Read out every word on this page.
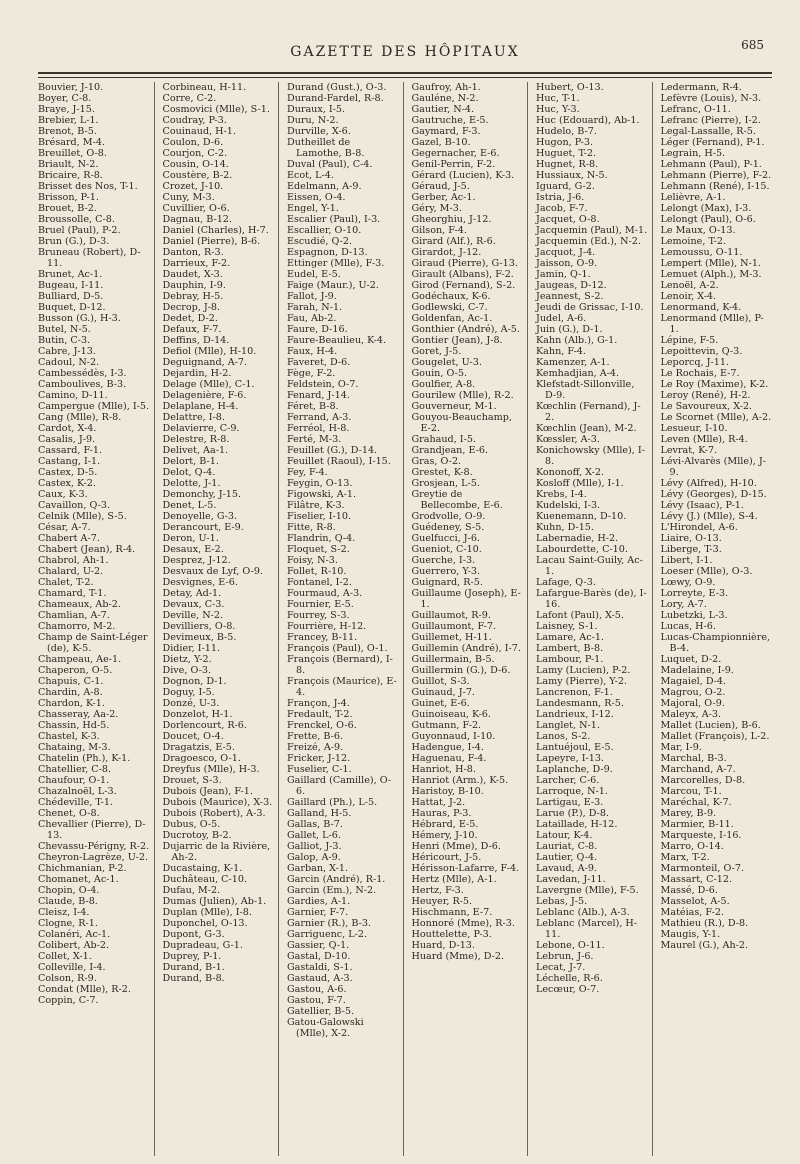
GAZETTE DES HÔPITAUX	685
Bouvier, J-10.
Boyer, C-8.
Braye, J-15.
Brebier, L-1.
Brenot, B-5.
Brésard, M-4.
Breuillet, O-8.
Briault, N-2.
Bricaire, R-8.
Brisset des Nos, T-1.
Brisson, P-1.
Brouet, B-2.
Broussolle, C-8.
Bruel (Paul), P-2.
Brun (G.), D-3.
Bruneau (Robert), D-11.
Brunet, Ac-1.
Bugeau, I-11.
Bulliard, D-5.
Buquet, D-12.
Busson (G.), H-3.
Butel, N-5.
Butin, C-3.
Cabre, J-13.
Cadoul, N-2.
Cambessédès, I-3.
Camboulives, B-3.
Camino, D-11.
Campergue (Mlle), I-5.
Cang (Mlle), R-8.
Cardot, X-4.
Casalis, J-9.
Cassard, F-1.
Castang, I-1.
Castex, D-5.
Castex, K-2.
Caux, K-3.
Cavaillon, Q-3.
Celnik (Mlle), S-5.
César, A-7.
Chabert A-7.
Chabert (Jean), R-4.
Chabrol, Ah-1.
Chalard, U-2.
Chalet, T-2.
Chamard, T-1.
Chameaux, Ab-2.
Chamlian, A-7.
Chamorro, M-2.
Champ de Saint-Léger (de), K-5.
Champeau, Ae-1.
Chaperon, O-5.
Chapuis, C-1.
Chardin, A-8.
Chardon, K-1.
Chasseray, Aa-2.
Chassin, Hd-5.
Chastel, K-3.
Chataing, M-3.
Chatelin (Ph.), K-1.
Chatellier, C-8.
Chaufour, O-1.
Chazalnoël, L-3.
Chédeville, T-1.
Chenet, O-8.
Chevallier (Pierre), D-13.
Chevassu-Périgny, R-2.
Cheyron-Lagrèze, U-2.
Chichmanian, P-2.
Chomanet, Ac-1.
Chopin, O-4.
Claude, B-8.
Cleisz, I-4.
Clogne, R-1.
Colanéri, Ac-1.
Colibert, Ab-2.
Collet, X-1.
Colleville, I-4.
Colson, R-9.
Condat (Mlle), R-2.
Coppin, C-7.
Corbineau, H-11.
Corre, C-2.
Cosmovici (Mlle), S-1.
Coudray, P-3.
Couinaud, H-1.
Coulon, D-6.
Courjon, C-2.
Cousin, O-14.
Coustère, B-2.
Crozet, J-10.
Cuny, M-3.
Cuvillier, O-6.
Dagnau, B-12.
Daniel (Charles), H-7.
Daniel (Pierre), B-6.
Danton, R-3.
Darrieux, F-2.
Daudet, X-3.
Dauphin, I-9.
Debray, H-5.
Decrop, J-8.
Dedet, D-2.
Defaux, F-7.
Deffins, D-14.
Defiol (Mlle), H-10.
Deguignand, A-7.
Dejardin, H-2.
Delage (Mlle), C-1.
Delagenière, F-6.
Delaplane, H-4.
Delattre, I-8.
Delavierre, C-9.
Delestre, R-8.
Delivet, Aa-1.
Delort, B-1.
Delot, Q-4.
Delotte, J-1.
Demonchy, J-15.
Denet, L-5.
Denoyelle, G-3.
Derancourt, E-9.
Deron, U-1.
Desaux, E-2.
Desprez, J-12.
Desvaux de Lyf, O-9.
Desvignes, E-6.
Detay, Ad-1.
Devaux, C-3.
Deville, N-2.
Devilliers, O-8.
Devimeux, B-5.
Didier, I-11.
Dietz, Y-2.
Dive, O-3.
Dognon, D-1.
Doguy, I-5.
Donzé, U-3.
Donzelot, H-1.
Dorlencourt, R-6.
Doucet, O-4.
Dragatzis, E-5.
Dragoesco, O-1.
Dreyfus (Mlle), H-3.
Drouet, S-3.
Dubois (Jean), F-1.
Dubois (Maurice), X-3.
Dubois (Robert), A-3.
Dubus, O-5.
Ducrotoy, B-2.
Dujarric de la Rivière, Ah-2.
Ducastaing, K-1.
Duchâteau, C-10.
Dufau, M-2.
Dumas (Julien), Ab-1.
Duplan (Mlle), I-8.
Duponchel, O-13.
Dupont, G-3.
Dupradeau, G-1.
Duprey, P-1.
Durand, B-1.
Durand, B-8.
Durand (Gust.), O-3.
Durand-Fardel, R-8.
Duraux, I-5.
Duru, N-2.
Durville, X-6.
Dutheillet de Lamothe, B-8.
Duval (Paul), C-4.
Ecot, L-4.
Edelmann, A-9.
Eissen, O-4.
Engel, Y-1.
Escalier (Paul), I-3.
Escallier, O-10.
Escudié, Q-2.
Espagnon, D-13.
Ettinger (Mlle), F-3.
Eudel, E-5.
Faige (Maur.), U-2.
Fallot, J-9.
Farah, N-1.
Fau, Ab-2.
Faure, D-16.
Faure-Beaulieu, K-4.
Faux, H-4.
Faveret, D-6.
Fège, F-2.
Feldstein, O-7.
Fenard, J-14.
Féret, B-8.
Ferrand, A-3.
Ferréol, H-8.
Ferté, M-3.
Feuillet (G.), D-14.
Feuillet (Raoul), I-15.
Fey, F-4.
Feygin, O-13.
Figowski, A-1.
Filâtre, K-3.
Fiselier, I-10.
Fitte, R-8.
Flandrin, Q-4.
Floquet, S-2.
Foisy, N-3.
Follet, R-10.
Fontanel, I-2.
Fourmaud, A-3.
Fournier, E-5.
Fourrey, S-3.
Fourrière, H-12.
Francey, B-11.
François (Paul), O-1.
François (Bernard), I-8.
François (Maurice), E-4.
Françon, J-4.
Fredault, T-2.
Frenckel, O-6.
Frette, B-6.
Freizé, A-9.
Fricker, J-12.
Fuselier, C-1.
Gaillard (Camille), O-6.
Gaillard (Ph.), L-5.
Galland, H-5.
Gallas, B-7.
Gallet, L-6.
Galliot, J-3.
Galop, A-9.
Garban, X-1.
Garcin (André), R-1.
Garcin (Em.), N-2.
Gardies, A-1.
Garnier, F-7.
Garnier (R.), B-3.
Garriguenc, L-2.
Gassier, Q-1.
Gastal, D-10.
Gastaldi, S-1.
Gastaud, A-3.
Gastou, A-6.
Gastou, F-7.
Gatellier, B-5.
Gatou-Galowski (Mlle), X-2.
Gaufroy, Ah-1.
Gauléne, N-2.
Gautier, N-4.
Gautruche, E-5.
Gaymard, F-3.
Gazel, B-10.
Gegernacher, E-6.
Genil-Perrin, F-2.
Gérard (Lucien), K-3.
Géraud, J-5.
Gerber, Ac-1.
Géry, M-3.
Gheorghiu, J-12.
Gilson, F-4.
Girard (Alf.), R-6.
Girardot, J-12.
Giraud (Pierre), G-13.
Girault (Albans), F-2.
Girod (Fernand), S-2.
Godéchaux, K-6.
Godlewski, C-7.
Goldenfan, Ac-1.
Gonthier (André), A-5.
Gontier (Jean), J-8.
Goret, J-5.
Gougelet, U-3.
Gouin, O-5.
Goulfier, A-8.
Gourilew (Mlle), R-2.
Gouverneur, M-1.
Gouyou-Beauchamp, E-2.
Grahaud, I-5.
Grandjean, E-6.
Gras, O-2.
Grestet, K-8.
Grosjean, L-5.
Greytie de Bellecombe, E-6.
Grodvolle, O-9.
Guédeney, S-5.
Guelfucci, J-6.
Gueniot, C-10.
Guerche, I-3.
Guerrero, Y-3.
Guignard, R-5.
Guillaume (Joseph), E-1.
Guillaumot, R-9.
Guillaumont, F-7.
Guillemet, H-11.
Guillemin (André), I-7.
Guillermain, B-5.
Guillermin (G.), D-6.
Guillot, S-3.
Guinaud, J-7.
Guinet, E-6.
Guinoiseau, K-6.
Gutmann, F-2.
Guyonnaud, I-10.
Hadengue, I-4.
Haguenau, F-4.
Hanriot, H-8.
Hanriot (Arm.), K-5.
Haristoy, B-10.
Hattat, J-2.
Hauras, P-3.
Hébrard, E-5.
Hémery, J-10.
Henri (Mme), D-6.
Héricourt, J-5.
Hérisson-Lafarre, F-4.
Hertz (Mlle), A-1.
Hertz, F-3.
Heuyer, R-5.
Hischmann, E-7.
Honnoré (Mme), R-3.
Houttelette, P-3.
Huard, D-13.
Huard (Mme), D-2.
Hubert, O-13.
Huc, T-1.
Huc, Y-3.
Huc (Edouard), Ab-1.
Hudelo, B-7.
Hugon, P-3.
Huguet, T-2.
Hugnet, R-8.
Hussiaux, N-5.
Iguard, G-2.
Istria, J-6.
Jacob, F-7.
Jacquet, O-8.
Jacquemin (Paul), M-1.
Jacquemin (Ed.), N-2.
Jacquot, J-4.
Jaisson, O-9.
Jamin, Q-1.
Jaugeas, D-12.
Jeannest, S-2.
Jeudi de Grissac, I-10.
Judel, A-6.
Juin (G.), D-1.
Kahn (Alb.), G-1.
Kahn, F-4.
Kamenzer, A-1.
Kemhadjian, A-4.
Klefstadt-Sillonville, D-9.
Kœchlin (Fernand), J-2.
Kœchlin (Jean), M-2.
Kœssler, A-3.
Konichowsky (Mlle), I-8.
Kononoff, X-2.
Kosloff (Mlle), I-1.
Krebs, I-4.
Kudelski, I-3.
Kuenemann, D-10.
Kuhn, D-15.
Labernadie, H-2.
Labourdette, C-10.
Lacau Saint-Guily, Ac-1.
Lafage, Q-3.
Lafargue-Barès (de), I-16.
Lafont (Paul), X-5.
Laisney, S-1.
Lamare, Ac-1.
Lambert, B-8.
Lambour, P-1.
Lamy (Lucien), P-2.
Lamy (Pierre), Y-2.
Lancrenon, F-1.
Landesmann, R-5.
Landrieux, I-12.
Langlet, N-1.
Lanos, S-2.
Lantuéjoul, E-5.
Lapeyre, I-13.
Laplanche, D-9.
Larcher, C-6.
Larroque, N-1.
Lartigau, E-3.
Larue (P.), D-8.
Lataillade, H-12.
Latour, K-4.
Lauriat, C-8.
Lautier, Q-4.
Lavaud, A-9.
Lavedan, J-11.
Lavergne (Mlle), F-5.
Lebas, J-5.
Leblanc (Alb.), A-3.
Leblanc (Marcel), H-11.
Lebone, O-11.
Lebrun, J-6.
Lecat, J-7.
Léchelle, R-6.
Lecœur, O-7.
Ledermann, R-4.
Lefèvre (Louis), N-3.
Lefranc, O-11.
Lefranc (Pierre), I-2.
Legal-Lassalle, R-5.
Léger (Fernand), P-1.
Legrain, H-5.
Lehmann (Paul), P-1.
Lehmann (Pierre), F-2.
Lehmann (René), I-15.
Lelièvre, A-1.
Lelongt (Max), I-3.
Lelongt (Paul), O-6.
Le Maux, O-13.
Lemoine, T-2.
Lemoussu, O-11.
Lempert (Mlle), N-1.
Lemuet (Alph.), M-3.
Lenoël, A-2.
Lenoir, X-4.
Lenormand, K-4.
Lenormand (Mlle), P-1.
Lépine, F-5.
Lepoittevin, Q-3.
Leporcq, J-11.
Le Rochais, E-7.
Le Roy (Maxime), K-2.
Leroy (René), H-2.
Le Savoureux, X-2.
Le Scornet (Mlle), A-2.
Lesueur, I-10.
Leven (Mlle), R-4.
Levrat, K-7.
Lévi-Alvarès (Mlle), J-9.
Lévy (Alfred), H-10.
Lévy (Georges), D-15.
Lévy (Isaac), P-1.
Lévy (J.) (Mlle), S-4.
L'Hirondel, A-6.
Liaire, O-13.
Liberge, T-3.
Libert, I-1.
Loeser (Mlle), O-3.
Lœwy, O-9.
Lorreyte, E-3.
Lory, A-7.
Lubetzki, L-3.
Lucas, H-6.
Lucas-Championnière, B-4.
Luquet, D-2.
Madelaine, I-9.
Magaiel, D-4.
Magrou, O-2.
Majoral, O-9.
Maleyx, A-3.
Mallet (Lucien), B-6.
Mallet (François), L-2.
Mar, I-9.
Marchal, B-3.
Marchand, A-7.
Marcorelles, D-8.
Marcou, T-1.
Maréchal, K-7.
Marey, B-9.
Marmier, B-11.
Marqueste, I-16.
Marro, O-14.
Marx, T-2.
Marmonteil, O-7.
Massart, C-12.
Massé, D-6.
Masselot, A-5.
Matéias, F-2.
Mathieu (R.), D-8.
Maugis, Y-1.
Maurel (G.), Ah-2.
